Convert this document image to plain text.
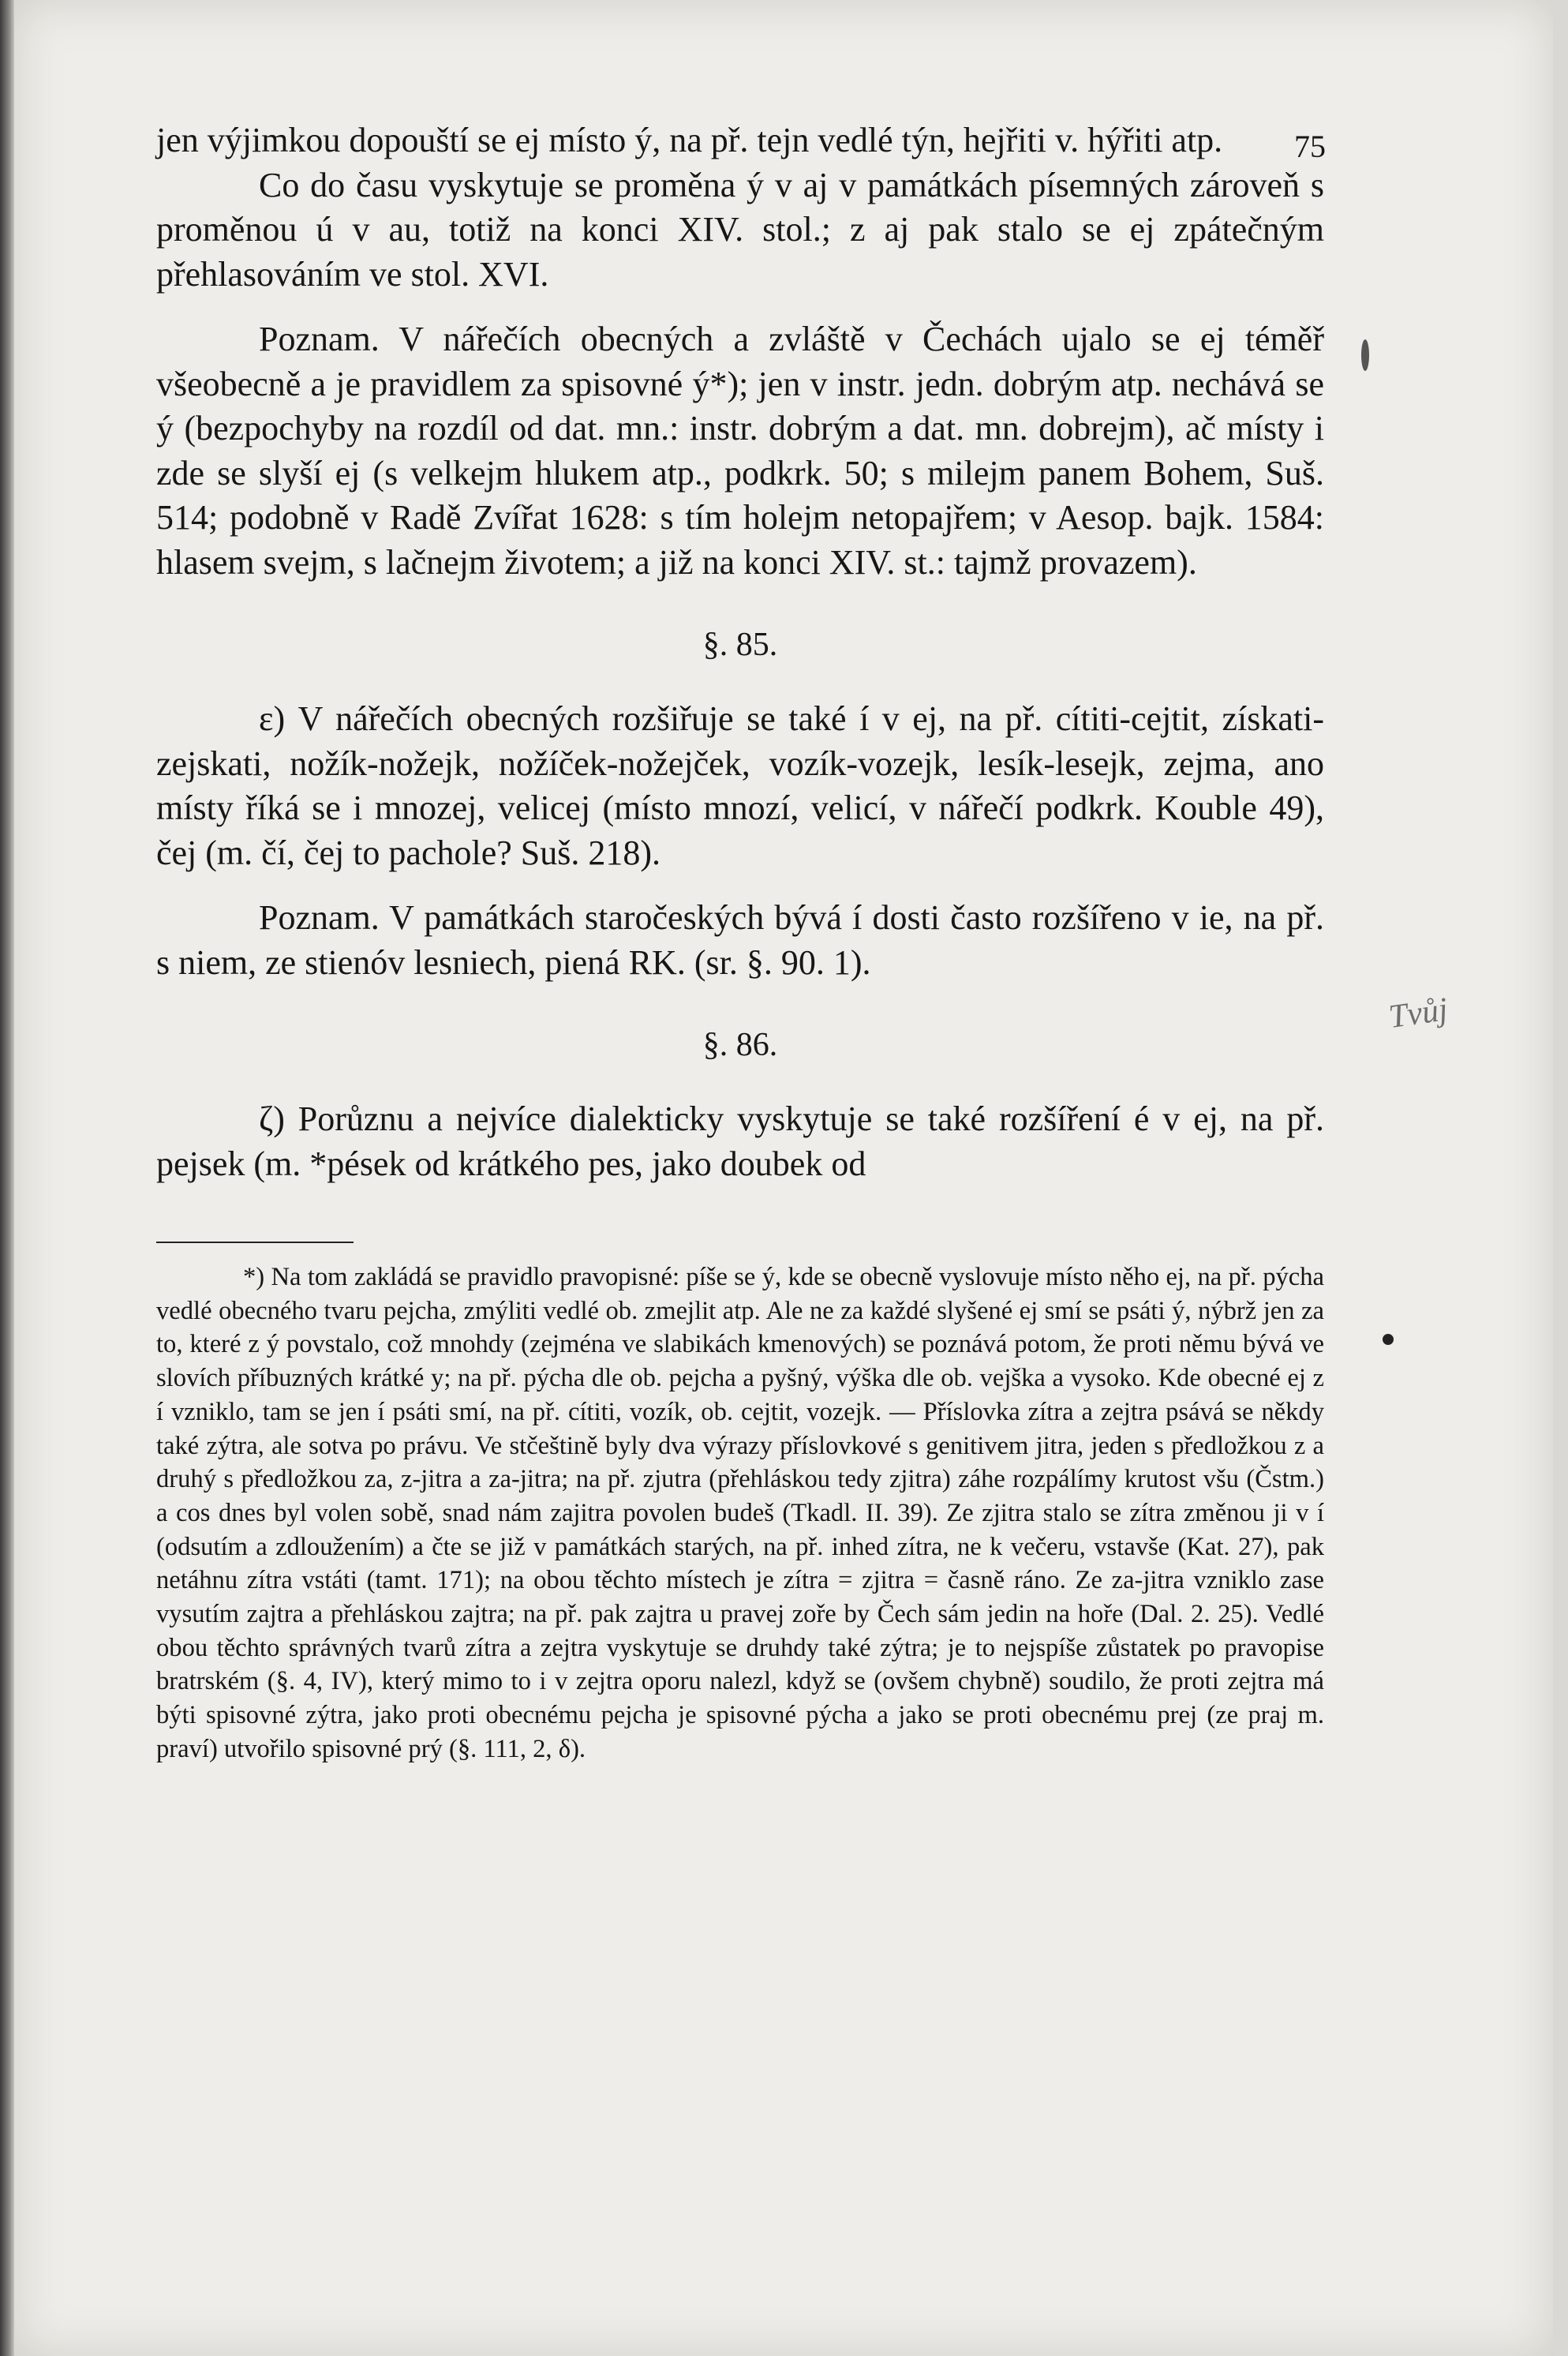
75

jen výjimkou dopouští se ej místo ý, na př. tejn vedlé týn, hejřiti v. hýřiti atp.

Co do času vyskytuje se proměna ý v aj v památkách písemných zároveň s proměnou ú v au, totiž na konci XIV. stol.; z aj pak stalo se ej zpátečným přehlasováním ve stol. XVI.

Poznam. V nářečích obecných a zvláště v Čechách ujalo se ej téměř všeobecně a je pravidlem za spisovné ý*); jen v instr. jedn. dobrým atp. nechává se ý (bezpochyby na rozdíl od dat. mn.: instr. dobrým a dat. mn. dobrejm), ač místy i zde se slyší ej (s velkejm hlukem atp., podkrk. 50; s milejm panem Bohem, Suš. 514; podobně v Radě Zvířat 1628: s tím holejm netopajřem; v Aesop. bajk. 1584: hlasem svejm, s lačnejm životem; a již na konci XIV. st.: tajmž provazem).

§. 85.

ε) V nářečích obecných rozšiřuje se také í v ej, na př. cítiti-cejtit, získati-zejskati, nožík-nožejk, nožíček-nožejček, vozík-vozejk, lesík-lesejk, zejma, ano místy říká se i mnozej, velicej (místo mnozí, velicí, v nářečí podkrk. Kouble 49), čej (m. čí, čej to pachole? Suš. 218).

Poznam. V památkách staročeských bývá í dosti často rozšířeno v ie, na př. s niem, ze stienóv lesniech, piená RK. (sr. §. 90. 1).

§. 86.

ζ) Porůznu a nejvíce dialekticky vyskytuje se také rozšíření é v ej, na př. pejsek (m. *pések od krátkého pes, jako doubek od

*) Na tom zakládá se pravidlo pravopisné: píše se ý, kde se obecně vyslovuje místo něho ej, na př. pýcha vedlé obecného tvaru pejcha, zmýliti vedlé ob. zmejlit atp. Ale ne za každé slyšené ej smí se psáti ý, nýbrž jen za to, které z ý povstalo, což mnohdy (zejména ve slabikách kmenových) se poznává potom, že proti němu bývá ve slovích příbuzných krátké y; na př. pýcha dle ob. pejcha a pyšný, výška dle ob. vejška a vysoko. Kde obecné ej z í vzniklo, tam se jen í psáti smí, na př. cítiti, vozík, ob. cejtit, vozejk. — Příslovka zítra a zejtra psává se někdy také zýtra, ale sotva po právu. Ve stčeštině byly dva výrazy příslovkové s genitivem jitra, jeden s předložkou z a druhý s předložkou za, z-jitra a za-jitra; na př. zjutra (přehláskou tedy zjitra) záhe rozpálímy krutost všu (Čstm.) a cos dnes byl volen sobě, snad nám zajitra povolen budeš (Tkadl. II. 39). Ze zjitra stalo se zítra změnou ji v í (odsutím a zdloužením) a čte se již v památkách starých, na př. inhed zítra, ne k večeru, vstavše (Kat. 27), pak netáhnu zítra vstáti (tamt. 171); na obou těchto místech je zítra = zjitra = časně ráno. Ze za-jitra vzniklo zase vysutím zajtra a přehláskou zajtra; na př. pak zajtra u pravej zoře by Čech sám jedin na hoře (Dal. 2. 25). Vedlé obou těchto správných tvarů zítra a zejtra vyskytuje se druhdy také zýtra; je to nejspíše zůstatek po pravopise bratrském (§. 4, IV), který mimo to i v zejtra oporu nalezl, když se (ovšem chybně) soudilo, že proti zejtra má býti spisovné zýtra, jako proti obecnému pejcha je spisovné pýcha a jako se proti obecnému prej (ze praj m. praví) utvořilo spisovné prý (§. 111, 2, δ).

Tvůj
